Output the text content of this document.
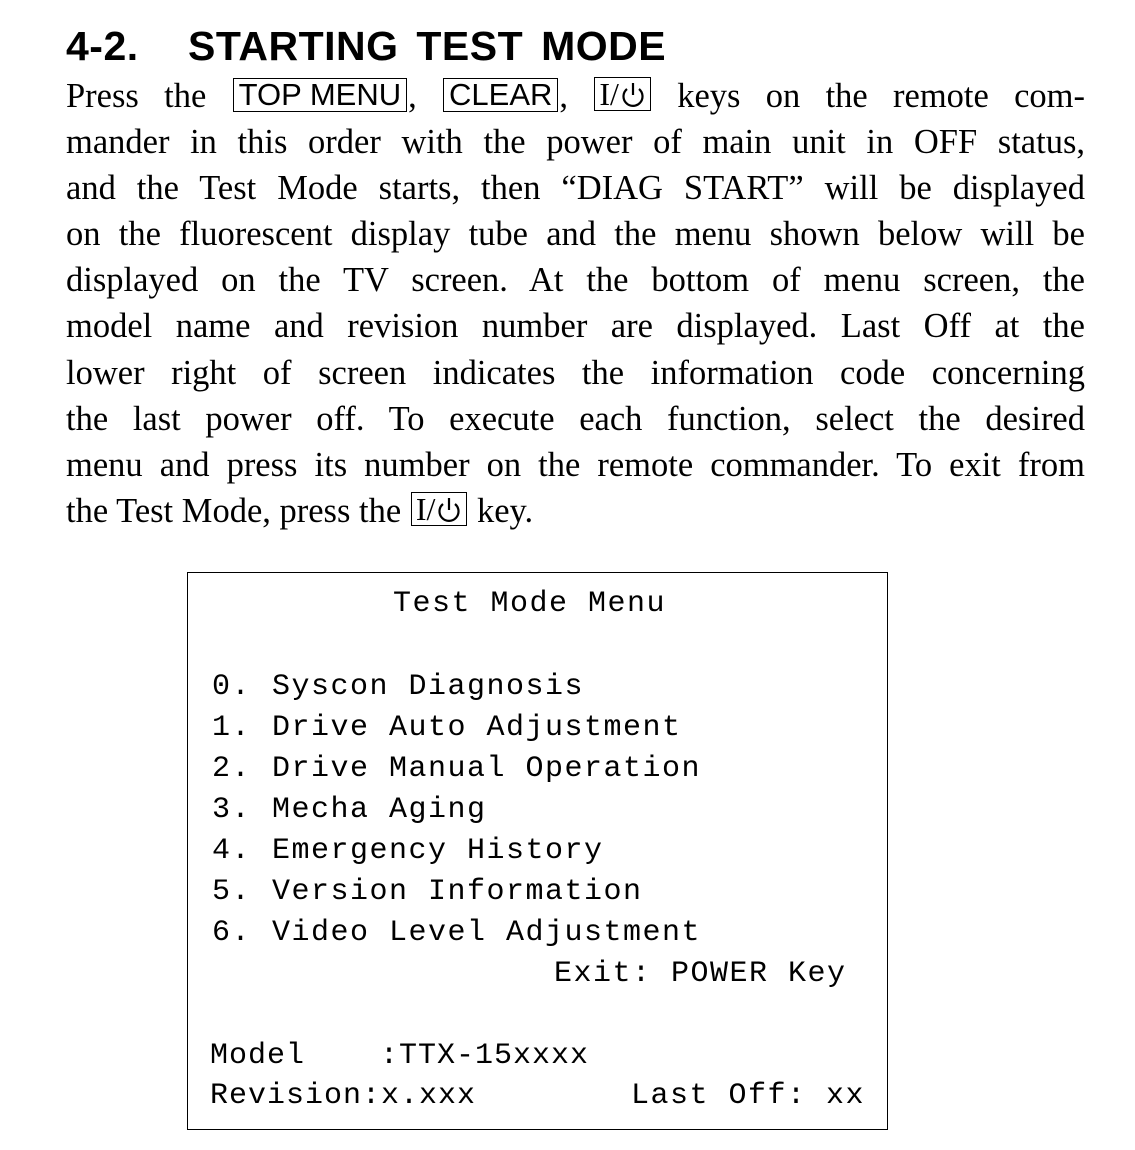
4-2. STARTING TEST MODE
Press the TOP MENU , CLEAR , I/ keys on the remote com-
mander in this order with the power of main unit in OFF status,
and the Test Mode starts, then “DIAG START” will be displayed
on the fluorescent display tube and the menu shown below will be
displayed on the TV screen. At the bottom of menu screen, the
model name and revision number are displayed. Last Off at the
lower right of screen indicates the information code concerning
the last power off. To execute each function, select the desired
menu and press its number on the remote commander. To exit from
the Test Mode, press the I/ key.
Test Mode Menu
0. Syscon Diagnosis
1. Drive Auto Adjustment
2. Drive Manual Operation
3. Mecha Aging
4. Emergency History
5. Version Information
6. Video Level Adjustment
Exit: POWER Key
Model :TTX-15xxxx
Revision:x.xxx	Last Off: xx
